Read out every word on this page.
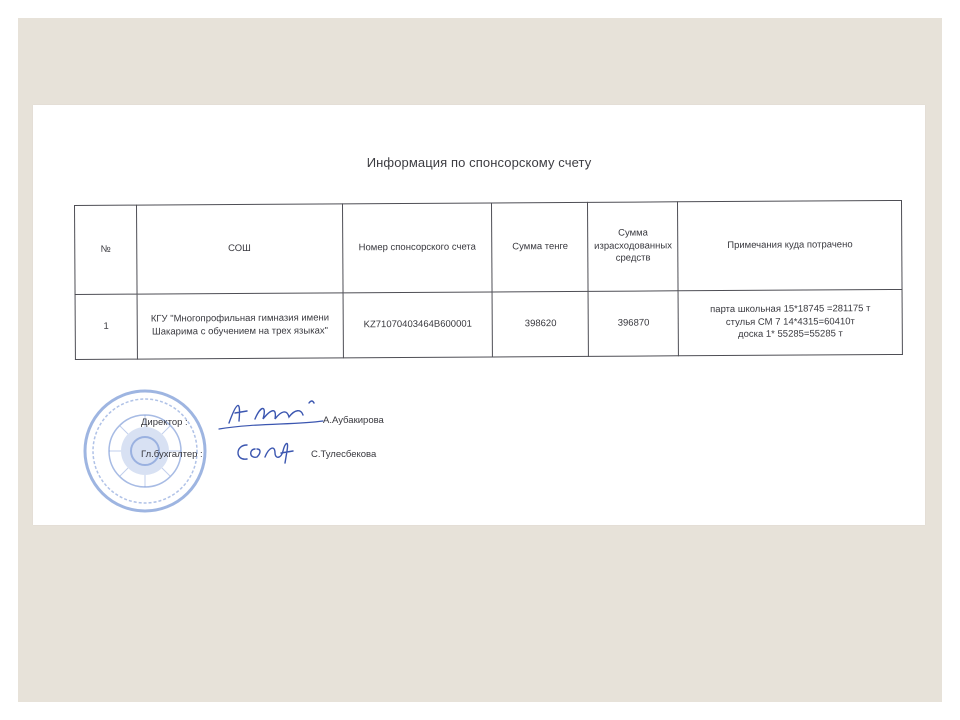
Информация по спонсорскому счету
№	СОШ	Номер спонсорского счета	Сумма тенге	Сумма израсходованных средств	Примечания куда потрачено
1	КГУ "Многопрофильная гимназия имени Шакарима с обучением на трех языках"	KZ71070403464B600001	398620	396870	парта школьная 15*18745 =281175 т
стулья СМ 7 14*4315=60410т
доска 1* 55285=55285 т
Директор :	А.Аубакирова
Гл.бухгалтер :	С.Тулесбекова
